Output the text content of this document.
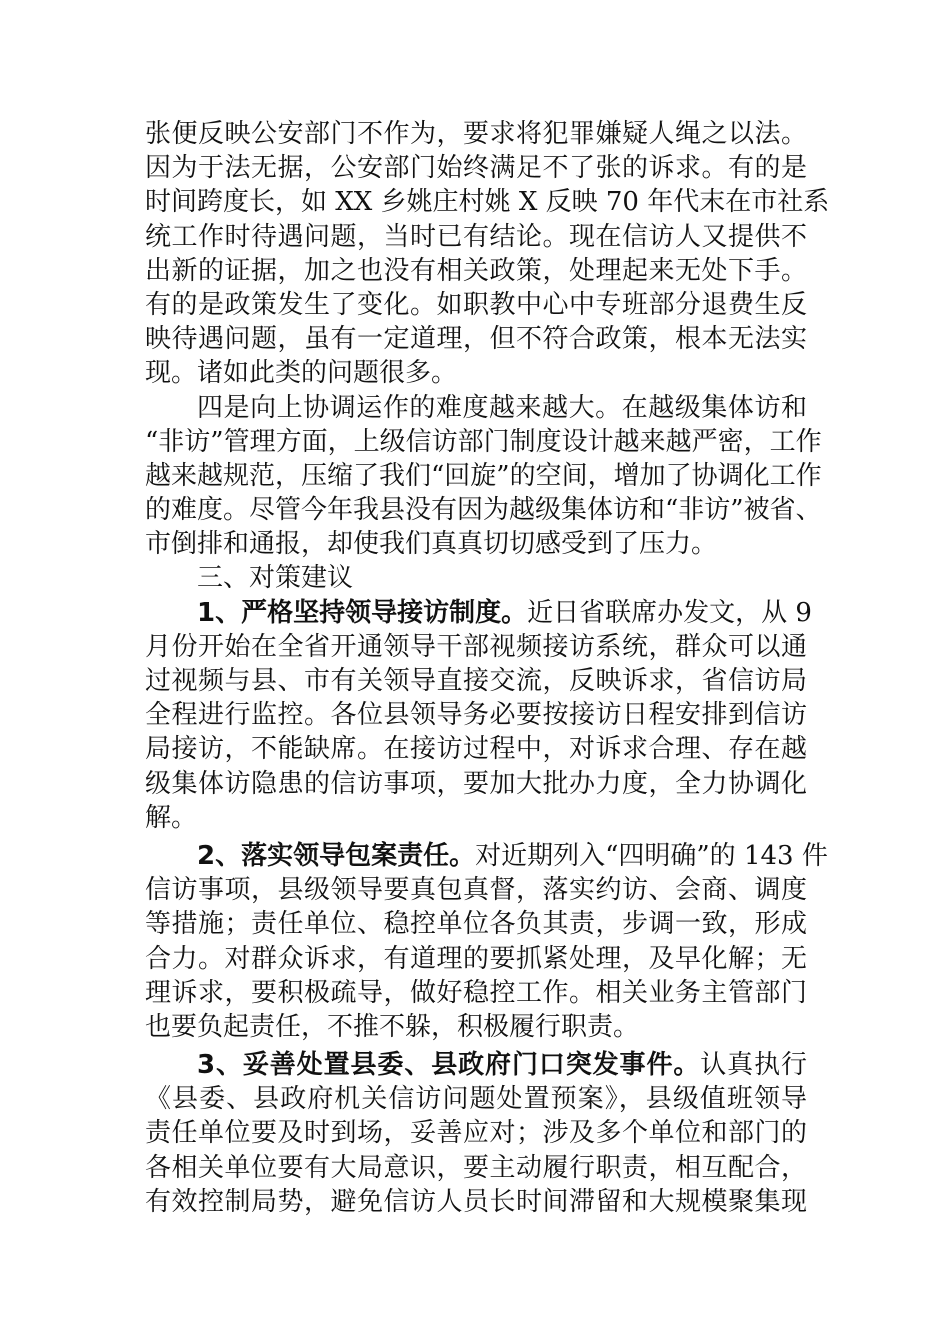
张便反映公安部门不作为，要求将犯罪嫌疑人绳之以法。
因为于法无据，公安部门始终满足不了张的诉求。有的是
时间跨度长，如 XX 乡姚庄村姚 X 反映 70 年代末在市社系
统工作时待遇问题，当时已有结论。现在信访人又提供不
出新的证据，加之也没有相关政策，处理起来无处下手。
有的是政策发生了变化。如职教中心中专班部分退费生反
映待遇问题，虽有一定道理，但不符合政策，根本无法实
现。诸如此类的问题很多。
四是向上协调运作的难度越来越大。在越级集体访和
“非访”管理方面，上级信访部门制度设计越来越严密，工作
越来越规范，压缩了我们“回旋”的空间，增加了协调化工作
的难度。尽管今年我县没有因为越级集体访和“非访”被省、
市倒排和通报，却使我们真真切切感受到了压力。
三、对策建议
1、严格坚持领导接访制度。近日省联席办发文，从 9
月份开始在全省开通领导干部视频接访系统，群众可以通
过视频与县、市有关领导直接交流，反映诉求，省信访局
全程进行监控。各位县领导务必要按接访日程安排到信访
局接访，不能缺席。在接访过程中，对诉求合理、存在越
级集体访隐患的信访事项，要加大批办力度，全力协调化
解。
2、落实领导包案责任。对近期列入“四明确”的 143 件
信访事项，县级领导要真包真督，落实约访、会商、调度
等措施；责任单位、稳控单位各负其责，步调一致，形成
合力。对群众诉求，有道理的要抓紧处理，及早化解；无
理诉求，要积极疏导，做好稳控工作。相关业务主管部门
也要负起责任，不推不躲，积极履行职责。
3、妥善处置县委、县政府门口突发事件。认真执行
《县委、县政府机关信访问题处置预案》，县级值班领导
责任单位要及时到场，妥善应对；涉及多个单位和部门的
各相关单位要有大局意识，要主动履行职责，相互配合，
有效控制局势，避免信访人员长时间滞留和大规模聚集现
